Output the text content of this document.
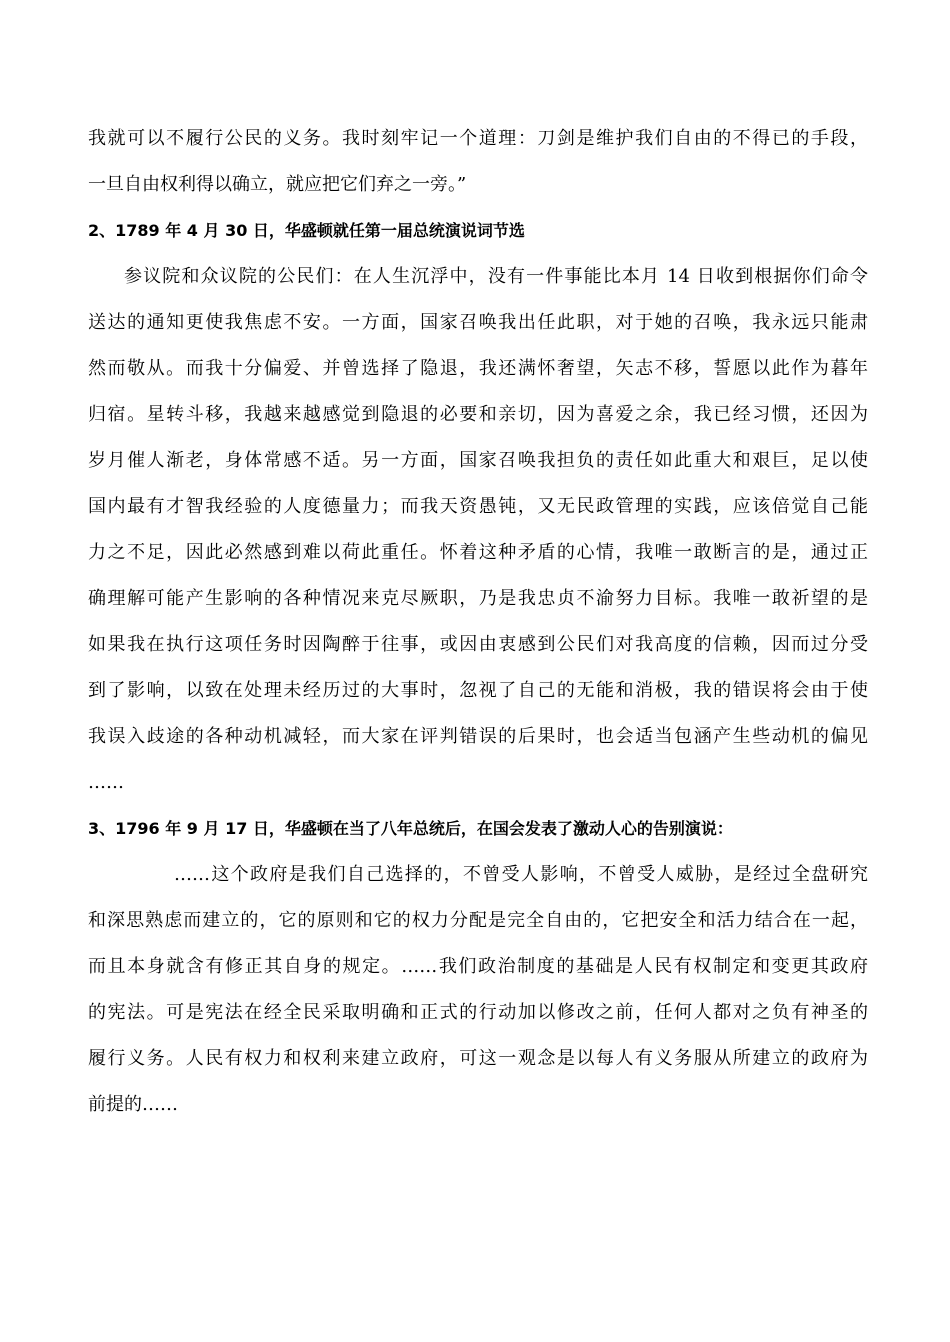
我就可以不履行公民的义务。我时刻牢记一个道理：刀剑是维护我们自由的不得已的手段，
一旦自由权利得以确立，就应把它们弃之一旁。”
2、1789 年 4 月 30 日，华盛顿就任第一届总统演说词节选
参议院和众议院的公民们：在人生沉浮中，没有一件事能比本月 14 日收到根据你们命令
送达的通知更使我焦虑不安。一方面，国家召唤我出任此职，对于她的召唤，我永远只能肃
然而敬从。而我十分偏爱、并曾选择了隐退，我还满怀奢望，矢志不移，誓愿以此作为暮年
归宿。星转斗移，我越来越感觉到隐退的必要和亲切，因为喜爱之余，我已经习惯，还因为
岁月催人渐老，身体常感不适。另一方面，国家召唤我担负的责任如此重大和艰巨，足以使
国内最有才智我经验的人度德量力；而我天资愚钝，又无民政管理的实践，应该倍觉自己能
力之不足，因此必然感到难以荷此重任。怀着这种矛盾的心情，我唯一敢断言的是，通过正
确理解可能产生影响的各种情况来克尽厥职，乃是我忠贞不渝努力目标。我唯一敢祈望的是
如果我在执行这项任务时因陶醉于往事，或因由衷感到公民们对我高度的信赖，因而过分受
到了影响，以致在处理未经历过的大事时，忽视了自己的无能和消极，我的错误将会由于使
我误入歧途的各种动机减轻，而大家在评判错误的后果时，也会适当包涵产生些动机的偏见
……
3、1796 年 9 月 17 日，华盛顿在当了八年总统后，在国会发表了激动人心的告别演说：
……这个政府是我们自己选择的，不曾受人影响，不曾受人威胁，是经过全盘研究
和深思熟虑而建立的，它的原则和它的权力分配是完全自由的，它把安全和活力结合在一起，
而且本身就含有修正其自身的规定。……我们政治制度的基础是人民有权制定和变更其政府
的宪法。可是宪法在经全民采取明确和正式的行动加以修改之前，任何人都对之负有神圣的
履行义务。人民有权力和权利来建立政府，可这一观念是以每人有义务服从所建立的政府为
前提的……
